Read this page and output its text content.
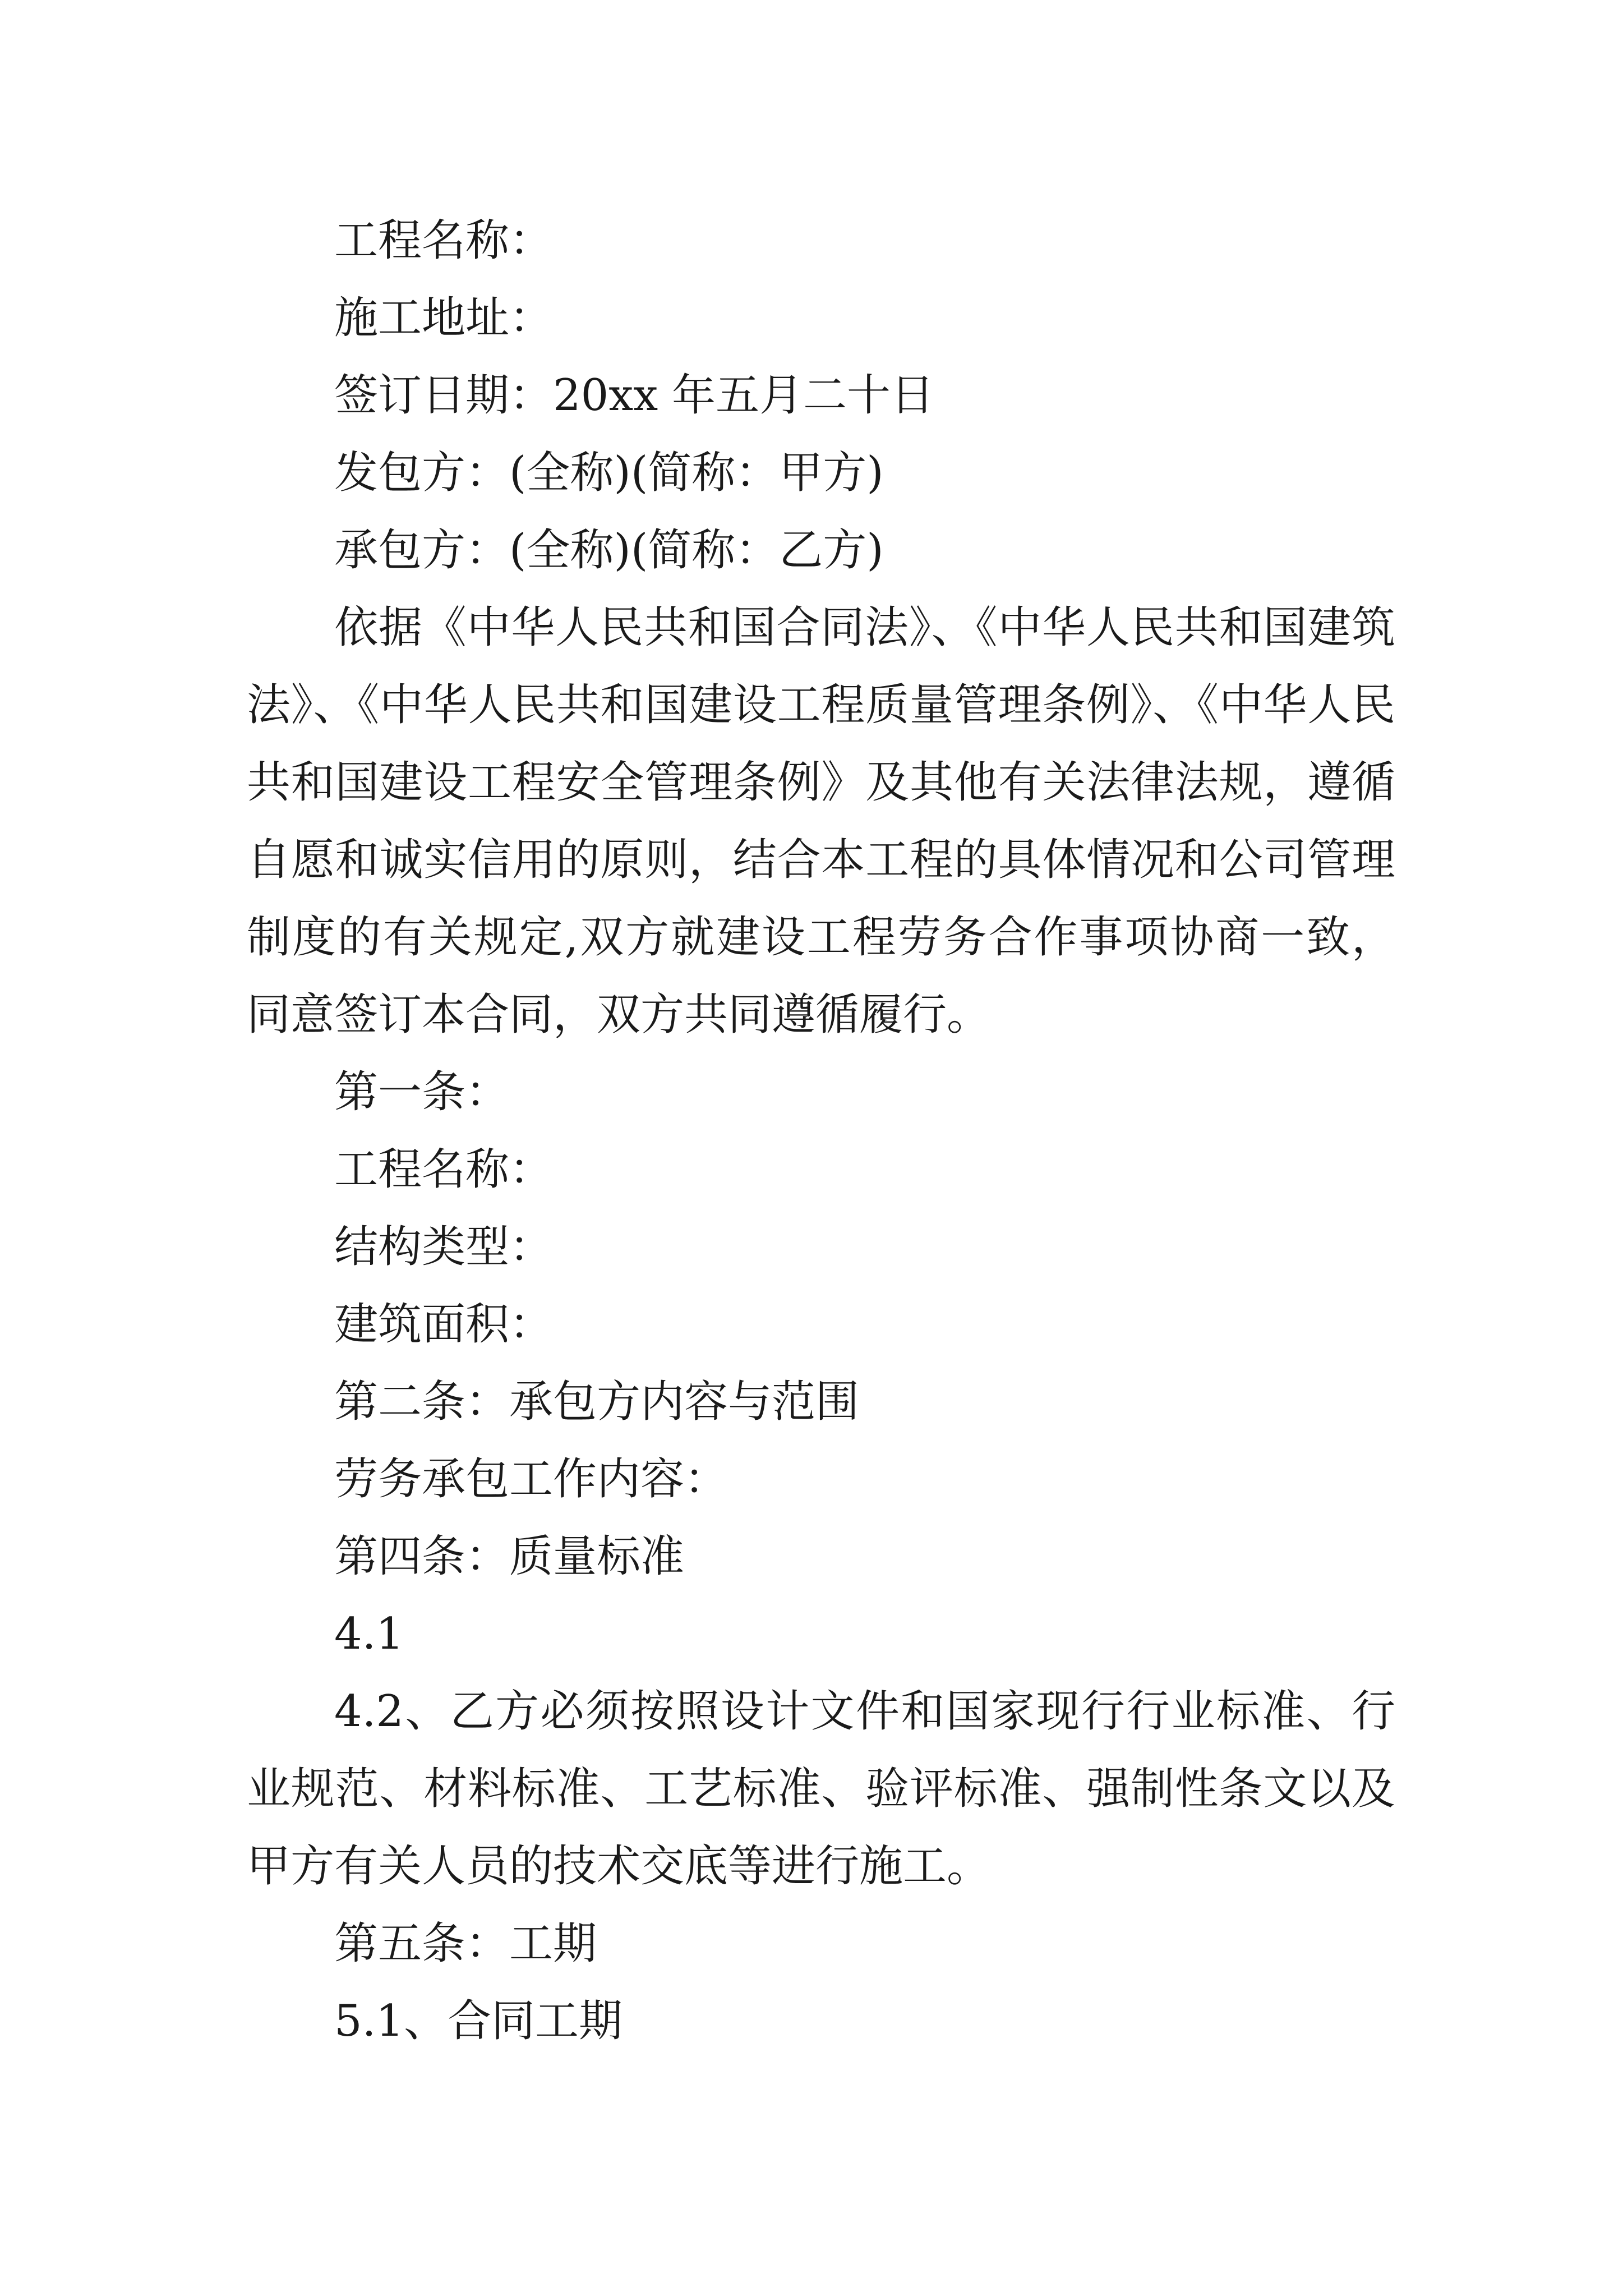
工程名称：

施工地址：

签订日期：20xx 年五月二十日

发包方：(全称)(简称：甲方)

承包方：(全称)(简称：乙方)

依据《中华人民共和国合同法》、《中华人民共和国建筑法》、《中华人民共和国建设工程质量管理条例》、《中华人民共和国建设工程安全管理条例》及其他有关法律法规，遵循自愿和诚实信用的原则，结合本工程的具体情况和公司管理制度的有关规定,双方就建设工程劳务合作事项协商一致，同意签订本合同，双方共同遵循履行。

第一条：

工程名称：

结构类型：

建筑面积：

第二条：承包方内容与范围

劳务承包工作内容：

第四条：质量标准

4.1

4.2、乙方必须按照设计文件和国家现行行业标准、行业规范、材料标准、工艺标准、验评标准、强制性条文以及甲方有关人员的技术交底等进行施工。

第五条：工期

5.1、合同工期
